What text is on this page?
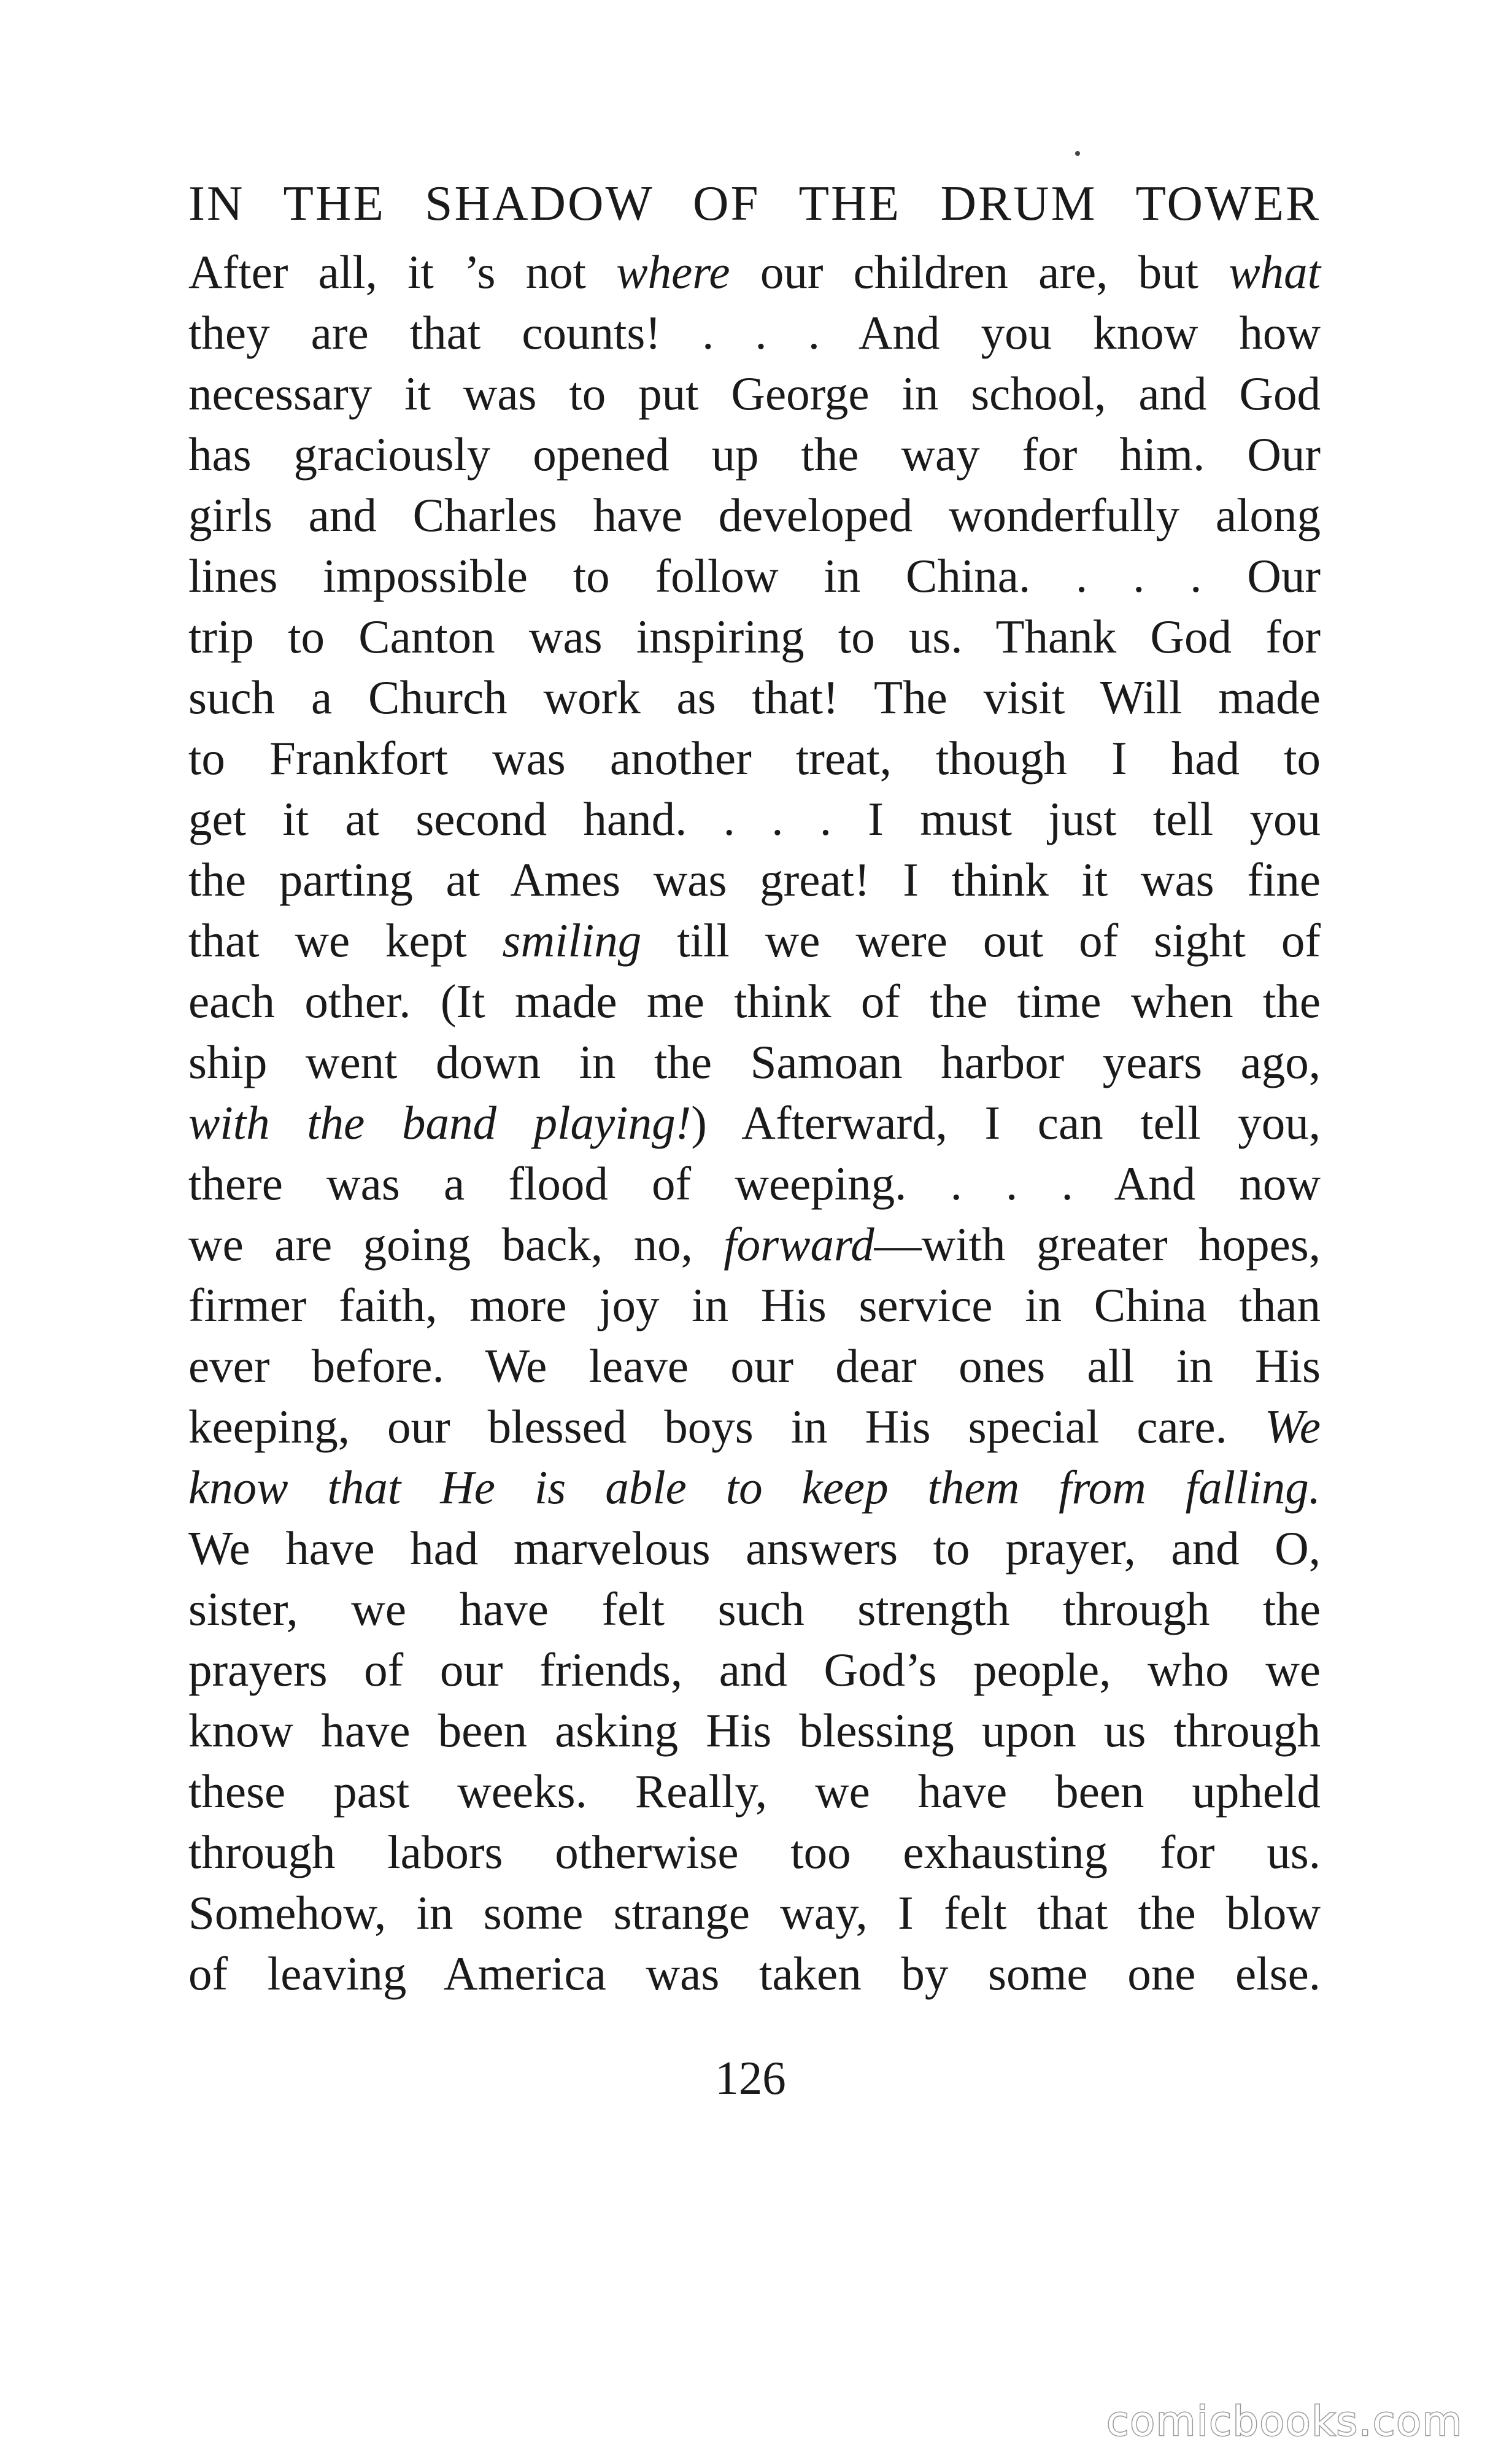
IN THE SHADOW OF THE DRUM TOWER
After all, it ’s not where our children are, but what
they are that counts! . . . And you know how
necessary it was to put George in school, and God
has graciously opened up the way for him. Our
girls and Charles have developed wonderfully along
lines impossible to follow in China. . . . Our
trip to Canton was inspiring to us. Thank God for
such a Church work as that! The visit Will made
to Frankfort was another treat, though I had to
get it at second hand. . . . I must just tell you
the parting at Ames was great! I think it was fine
that we kept smiling till we were out of sight of
each other. (It made me think of the time when the
ship went down in the Samoan harbor years ago,
with the band playing!) Afterward, I can tell you,
there was a flood of weeping. . . . And now
we are going back, no, forward—with greater hopes,
firmer faith, more joy in His service in China than
ever before. We leave our dear ones all in His
keeping, our blessed boys in His special care. We
know that He is able to keep them from falling.
We have had marvelous answers to prayer, and O,
sister, we have felt such strength through the
prayers of our friends, and God’s people, who we
know have been asking His blessing upon us through
these past weeks. Really, we have been upheld
through labors otherwise too exhausting for us.
Somehow, in some strange way, I felt that the blow
of leaving America was taken by some one else.
126
comicbooks.com
